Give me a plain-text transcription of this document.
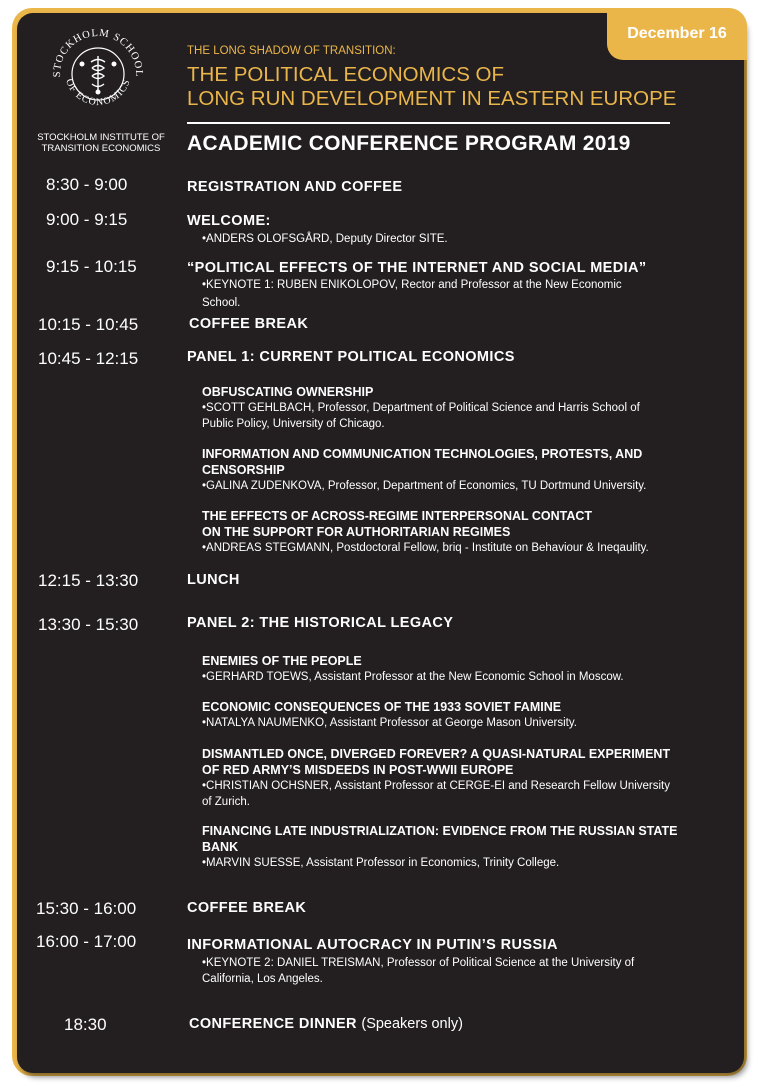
December 16
STOCKHOLM SCHOOL
OF ECONOMICS
STOCKHOLM INSTITUTE OF TRANSITION ECONOMICS
THE LONG SHADOW OF TRANSITION:
THE POLITICAL ECONOMICS OF
LONG RUN DEVELOPMENT IN EASTERN EUROPE
ACADEMIC CONFERENCE PROGRAM 2019
8:30 - 9:00	REGISTRATION AND COFFEE
9:00 - 9:15	WELCOME:
•ANDERS OLOFSGÅRD, Deputy Director SITE.
9:15 - 10:15	“POLITICAL EFFECTS OF THE INTERNET AND SOCIAL MEDIA”
•KEYNOTE 1: RUBEN ENIKOLOPOV, Rector and Professor at the New Economic
School.
10:15 - 10:45	COFFEE BREAK
10:45 - 12:15	PANEL 1: CURRENT POLITICAL ECONOMICS
OBFUSCATING OWNERSHIP
•SCOTT GEHLBACH, Professor, Department of Political Science and Harris School of
Public Policy, University of Chicago.
INFORMATION AND COMMUNICATION TECHNOLOGIES, PROTESTS, AND
CENSORSHIP
•GALINA ZUDENKOVA, Professor, Department of Economics, TU Dortmund University.
THE EFFECTS OF ACROSS-REGIME INTERPERSONAL CONTACT
ON THE SUPPORT FOR AUTHORITARIAN REGIMES
•ANDREAS STEGMANN, Postdoctoral Fellow, briq - Institute on Behaviour & Ineqaulity.
12:15 - 13:30	LUNCH
13:30 - 15:30	PANEL 2: THE HISTORICAL LEGACY
ENEMIES OF THE PEOPLE
•GERHARD TOEWS, Assistant Professor at the New Economic School in Moscow.
ECONOMIC CONSEQUENCES OF THE 1933 SOVIET FAMINE
•NATALYA NAUMENKO, Assistant Professor at George Mason University.
DISMANTLED ONCE, DIVERGED FOREVER? A QUASI-NATURAL EXPERIMENT
OF RED ARMY’S MISDEEDS IN POST-WWII EUROPE
•CHRISTIAN OCHSNER, Assistant Professor at CERGE-EI and Research Fellow University
of Zurich.
FINANCING LATE INDUSTRIALIZATION: EVIDENCE FROM THE RUSSIAN STATE
BANK
•MARVIN SUESSE, Assistant Professor in Economics, Trinity College.
15:30 - 16:00	COFFEE BREAK
16:00 - 17:00	INFORMATIONAL AUTOCRACY IN PUTIN’S RUSSIA
•KEYNOTE 2: DANIEL TREISMAN, Professor of Political Science at the University of
California, Los Angeles.
18:30	CONFERENCE DINNER (Speakers only)
